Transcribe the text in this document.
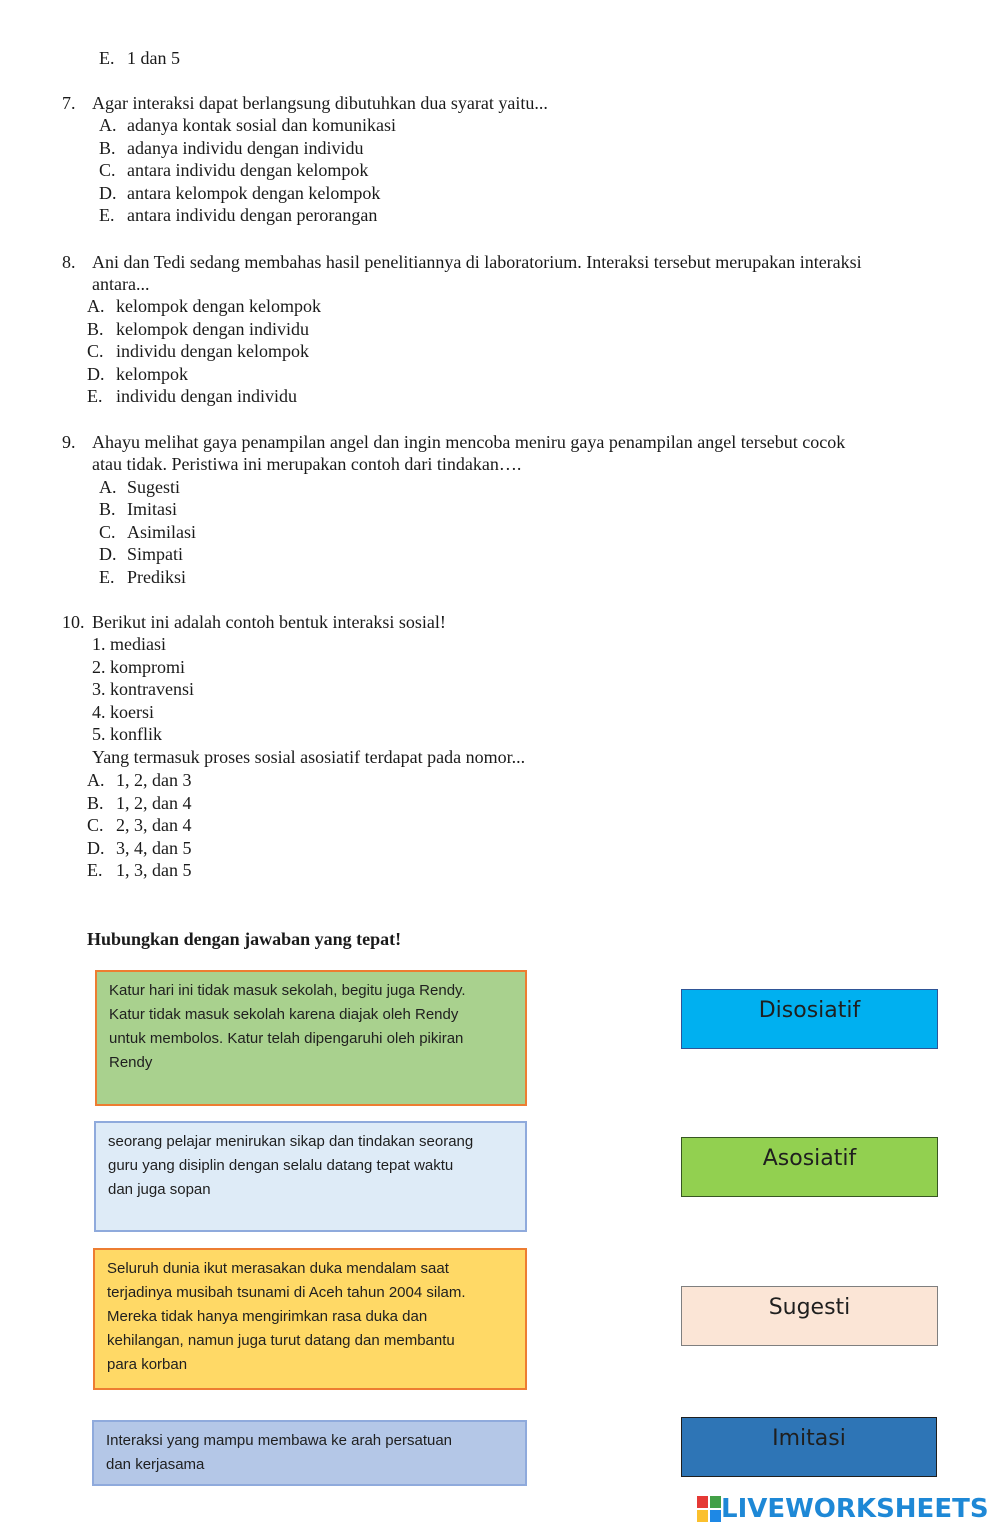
E. 1 dan 5
7. Agar interaksi dapat berlangsung dibutuhkan dua syarat yaitu...
A. adanya kontak sosial dan komunikasi
B. adanya individu dengan individu
C. antara individu dengan kelompok
D. antara kelompok dengan kelompok
E. antara individu dengan perorangan
8. Ani dan Tedi sedang membahas hasil penelitiannya di laboratorium. Interaksi tersebut merupakan interaksi
antara...
A. kelompok dengan kelompok
B. kelompok dengan individu
C. individu dengan kelompok
D. kelompok
E. individu dengan individu
9. Ahayu melihat gaya penampilan angel dan ingin mencoba meniru gaya penampilan angel tersebut cocok
atau tidak. Peristiwa ini merupakan contoh dari tindakan….
A. Sugesti
B. Imitasi
C. Asimilasi
D. Simpati
E. Prediksi
10. Berikut ini adalah contoh bentuk interaksi sosial!
1. mediasi
2. kompromi
3. kontravensi
4. koersi
5. konflik
Yang termasuk proses sosial asosiatif terdapat pada nomor...
A. 1, 2, dan 3
B. 1, 2, dan 4
C. 2, 3, dan 4
D. 3, 4, dan 5
E. 1, 3, dan 5
Hubungkan dengan jawaban yang tepat!
Katur hari ini tidak masuk sekolah, begitu juga Rendy.
Katur tidak masuk sekolah karena diajak oleh Rendy
untuk membolos. Katur telah dipengaruhi oleh pikiran
Rendy
seorang pelajar menirukan sikap dan tindakan seorang
guru yang disiplin dengan selalu datang tepat waktu
dan juga sopan
Seluruh dunia ikut merasakan duka mendalam saat
terjadinya musibah tsunami di Aceh tahun 2004 silam.
Mereka tidak hanya mengirimkan rasa duka dan
kehilangan, namun juga turut datang dan membantu
para korban
Interaksi yang mampu membawa ke arah persatuan
dan kerjasama
Disosiatif
Asosiatif
Sugesti
Imitasi
LIVEWORKSHEETS
